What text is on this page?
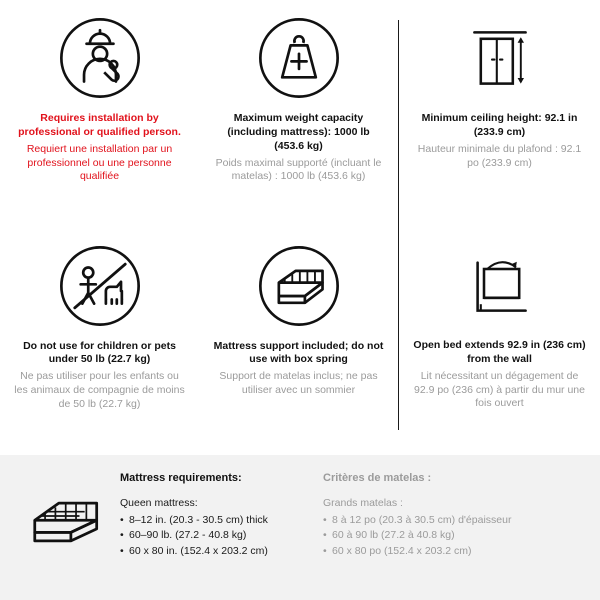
Requires installation by professional or qualified person.
Requiert une installation par un professionnel ou une personne qualifiée
Maximum weight capacity (including mattress): 1000 lb (453.6 kg)
Poids maximal supporté (incluant le matelas) : 1000 lb (453.6 kg)
Do not use for children or pets under 50 lb (22.7 kg)
Ne pas utiliser pour les enfants ou les animaux de compagnie de moins de 50 lb (22.7 kg)
Mattress support included; do not use with box spring
Support de matelas inclus; ne pas utiliser avec un sommier
Minimum ceiling height: 92.1 in (233.9 cm)
Hauteur minimale du plafond : 92.1 po (233.9 cm)
Open bed extends 92.9 in (236 cm) from the wall
Lit nécessitant un dégagement de 92.9 po (236 cm) à partir du mur une fois ouvert
Mattress requirements:
Queen mattress:
• 8–12 in. (20.3 - 30.5 cm) thick
• 60–90 lb. (27.2 - 40.8 kg)
• 60 x 80 in. (152.4 x 203.2 cm)
Critères de matelas :
Grands matelas :
• 8 à 12 po (20.3 à 30.5 cm) d'épaisseur
• 60 à 90 lb (27.2 à 40.8 kg)
• 60 x 80 po (152.4 x 203.2 cm)
